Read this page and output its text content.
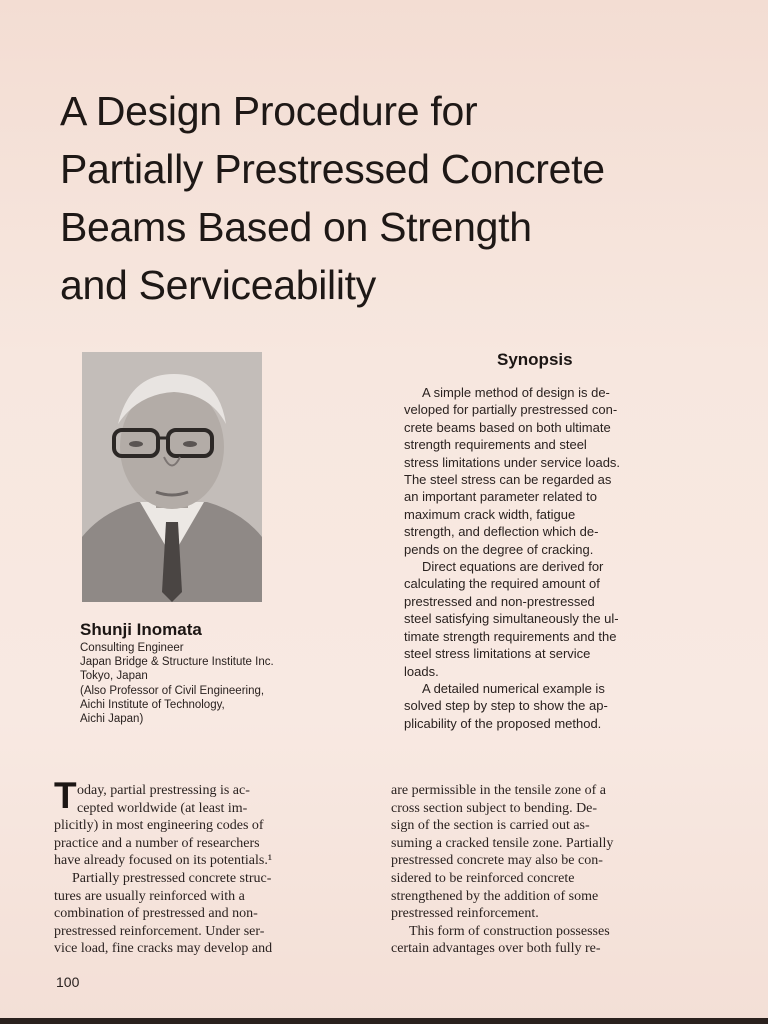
A Design Procedure for
Partially Prestressed Concrete
Beams Based on Strength
and Serviceability
Shunji Inomata
Consulting Engineer
Japan Bridge & Structure Institute Inc.
Tokyo, Japan
(Also Professor of Civil Engineering,
Aichi Institute of Technology,
Aichi Japan)
Synopsis
A simple method of design is de-
veloped for partially prestressed con-
crete beams based on both ultimate
strength requirements and steel
stress limitations under service loads.
The steel stress can be regarded as
an important parameter related to
maximum crack width, fatigue
strength, and deflection which de-
pends on the degree of cracking.
Direct equations are derived for
calculating the required amount of
prestressed and non-prestressed
steel satisfying simultaneously the ul-
timate strength requirements and the
steel stress limitations at service
loads.
A detailed numerical example is
solved step by step to show the ap-
plicability of the proposed method.
T oday, partial prestressing is ac-
cepted worldwide (at least im-
plicitly) in most engineering codes of
practice and a number of researchers
have already focused on its potentials.¹
Partially prestressed concrete struc-
tures are usually reinforced with a
combination of prestressed and non-
prestressed reinforcement. Under ser-
vice load, fine cracks may develop and
are permissible in the tensile zone of a
cross section subject to bending. De-
sign of the section is carried out as-
suming a cracked tensile zone. Partially
prestressed concrete may also be con-
sidered to be reinforced concrete
strengthened by the addition of some
prestressed reinforcement.
This form of construction possesses
certain advantages over both fully re-
100
